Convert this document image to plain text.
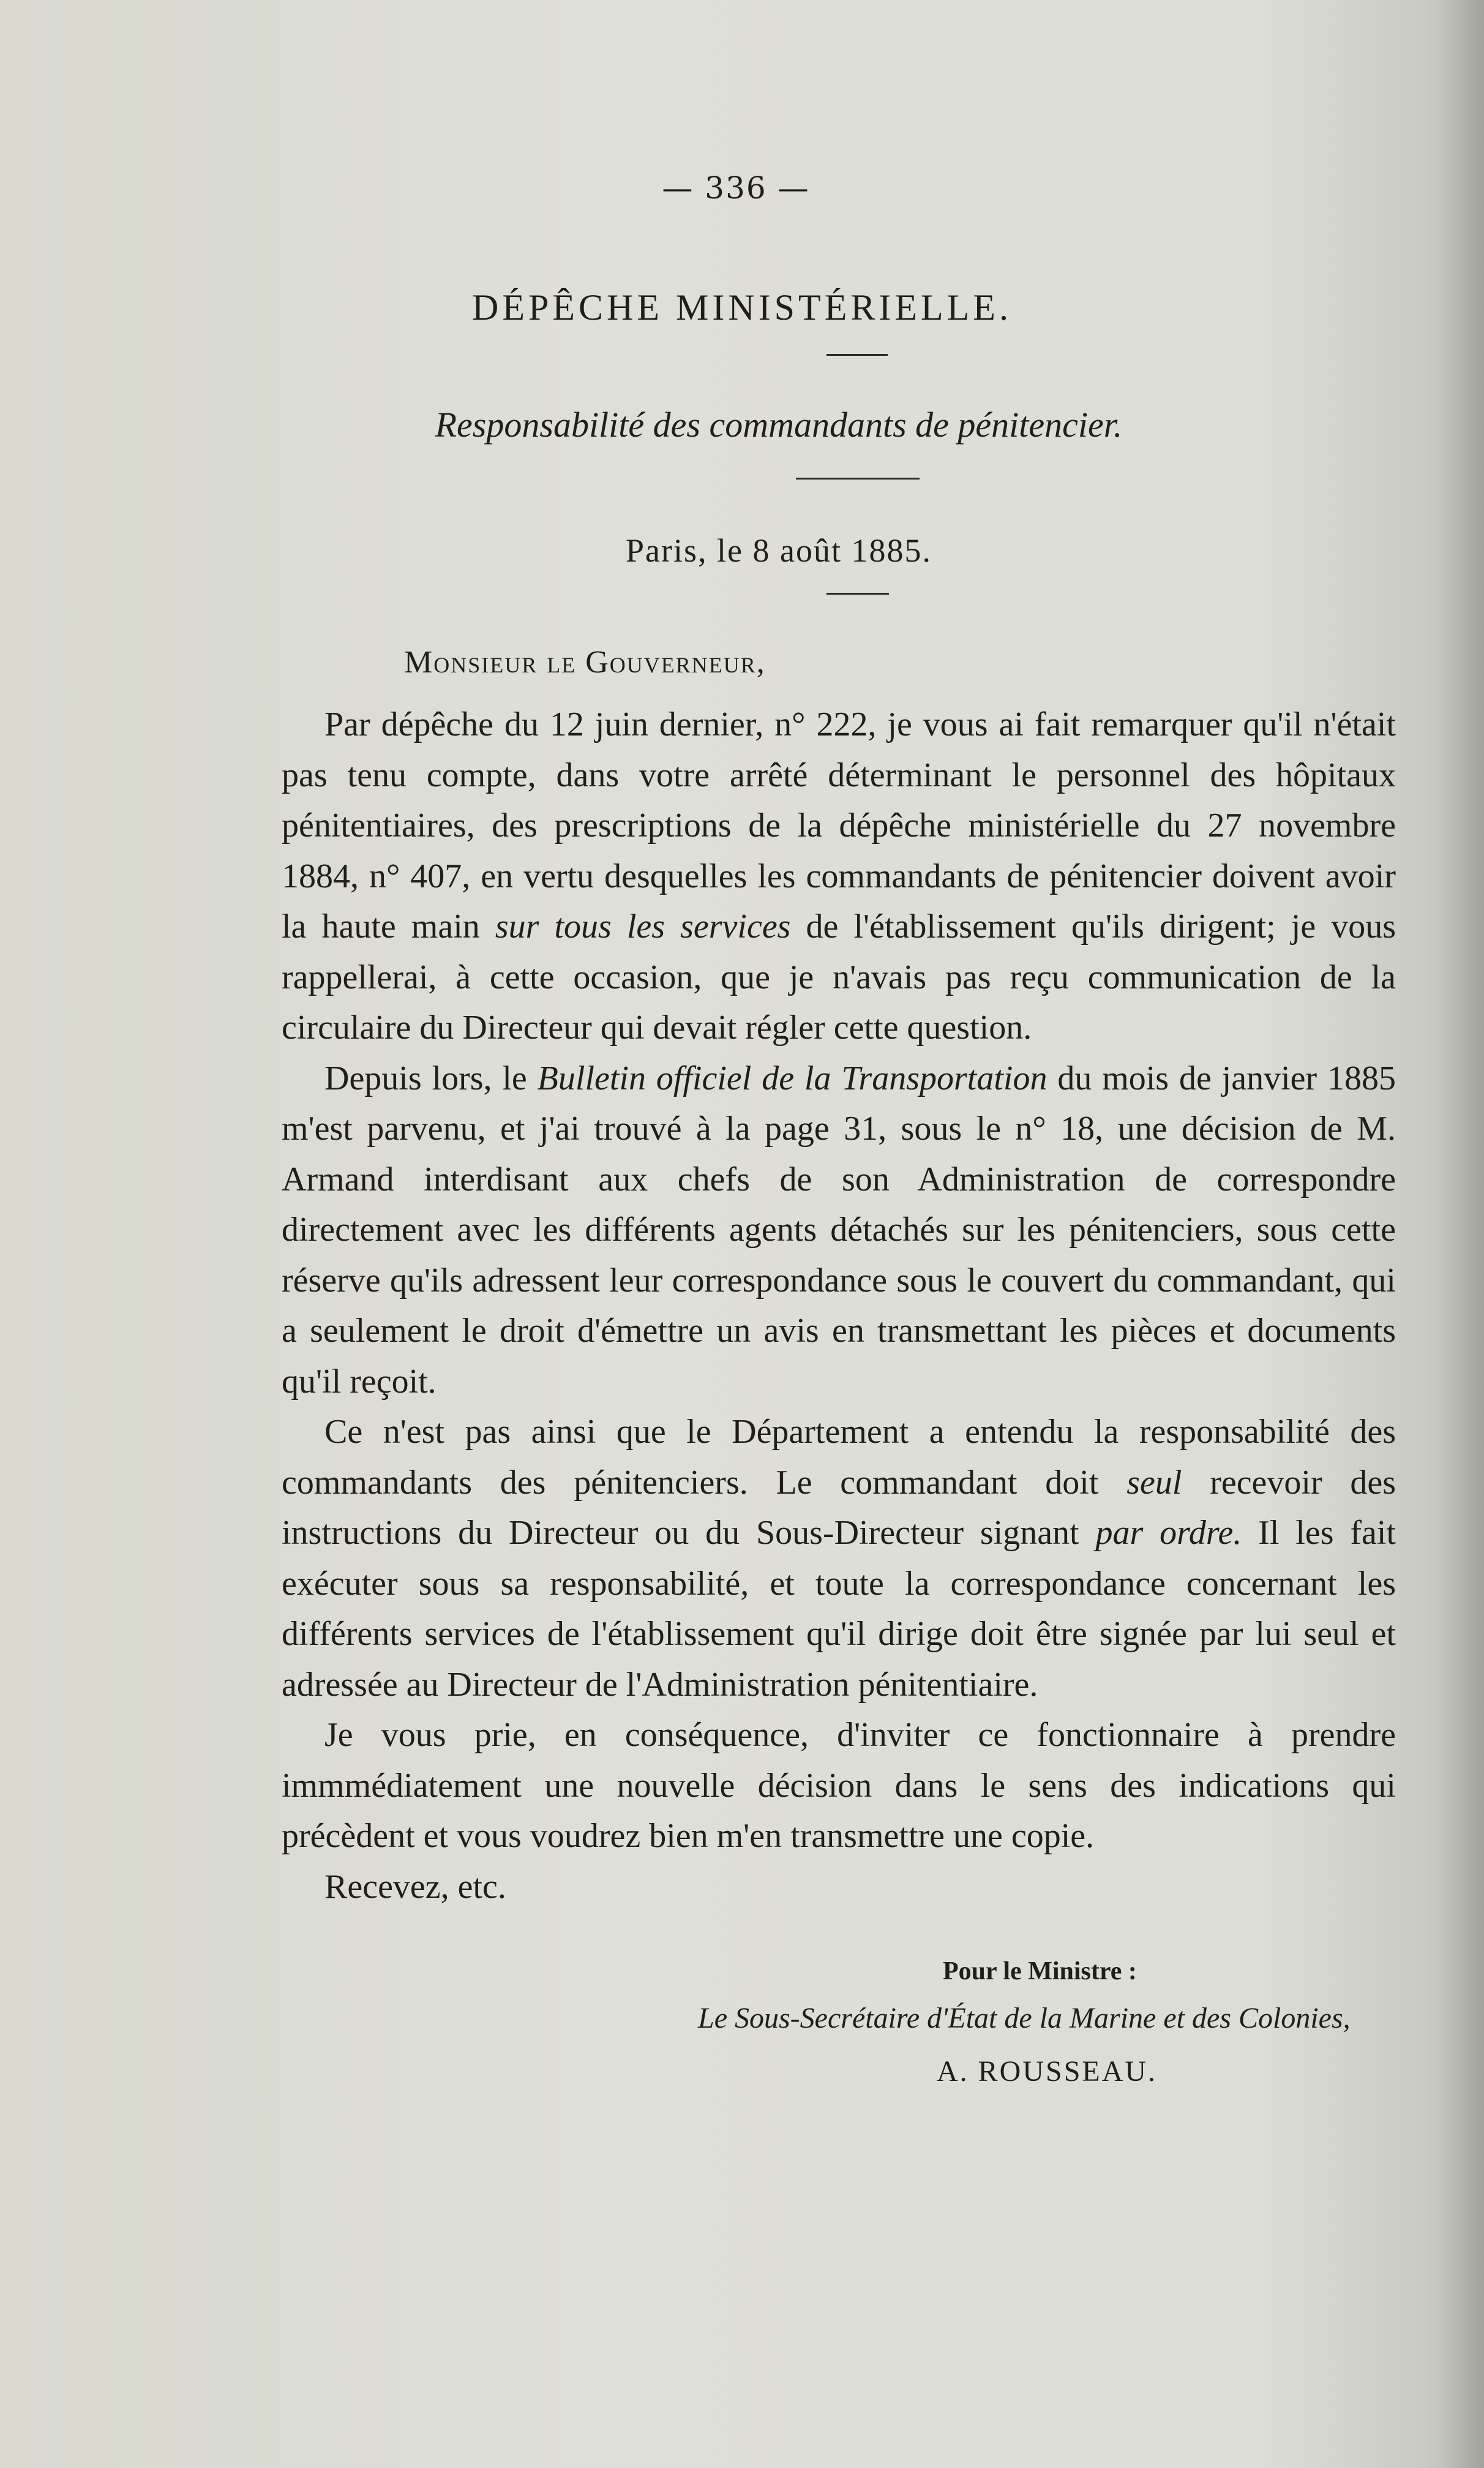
— 336 —
DÉPÊCHE MINISTÉRIELLE.
Responsabilité des commandants de pénitencier.
Paris, le 8 août 1885.
Monsieur le Gouverneur,

Par dépêche du 12 juin dernier, n° 222, je vous ai fait remarquer qu'il n'était pas tenu compte, dans votre arrêté déterminant le personnel des hôpitaux pénitentiaires, des prescriptions de la dépêche ministérielle du 27 novembre 1884, n° 407, en vertu desquelles les commandants de pénitencier doivent avoir la haute main sur tous les services de l'établissement qu'ils dirigent; je vous rappellerai, à cette occasion, que je n'avais pas reçu communication de la circulaire du Directeur qui devait régler cette question.

Depuis lors, le Bulletin officiel de la Transportation du mois de janvier 1885 m'est parvenu, et j'ai trouvé à la page 31, sous le n° 18, une décision de M. Armand interdisant aux chefs de son Administration de correspondre directement avec les différents agents détachés sur les pénitenciers, sous cette réserve qu'ils adressent leur correspondance sous le couvert du commandant, qui a seulement le droit d'émettre un avis en transmettant les pièces et documents qu'il reçoit.

Ce n'est pas ainsi que le Département a entendu la responsabilité des commandants des pénitenciers. Le commandant doit seul recevoir des instructions du Directeur ou du Sous-Directeur signant par ordre. Il les fait exécuter sous sa responsabilité, et toute la correspondance concernant les différents services de l'établissement qu'il dirige doit être signée par lui seul et adressée au Directeur de l'Administration pénitentiaire.

Je vous prie, en conséquence, d'inviter ce fonctionnaire à prendre immmédiatement une nouvelle décision dans le sens des indications qui précèdent et vous voudrez bien m'en transmettre une copie.

Recevez, etc.

Pour le Ministre :
Le Sous-Secrétaire d'État de la Marine et des Colonies,
A. ROUSSEAU.
